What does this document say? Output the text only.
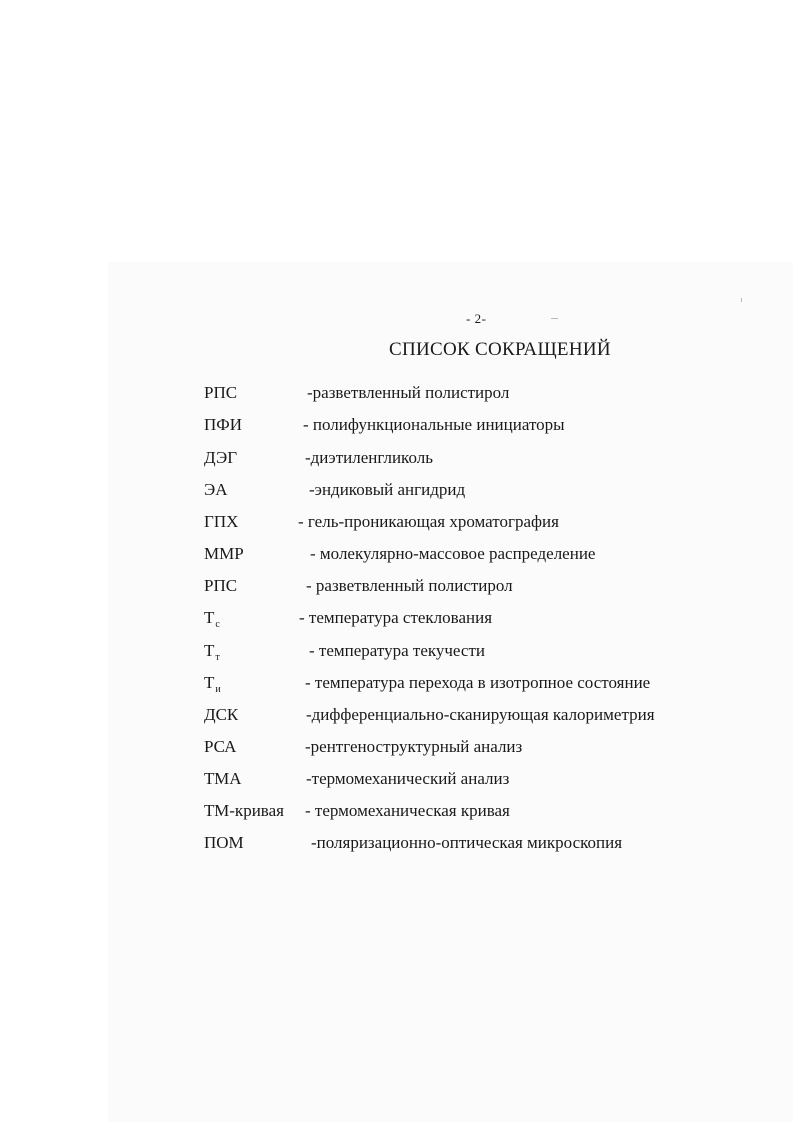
- 2-
СПИСОК СОКРАЩЕНИЙ
РПС	-разветвленный полистирол
ПФИ	- полифункциональные инициаторы
ДЭГ	-диэтиленгликоль
ЭА	-эндиковый ангидрид
ГПХ	- гель-проникающая хроматография
ММР	- молекулярно-массовое распределение
РПС	- разветвленный полистирол
$Т_с$	- температура стеклования
$Т_т$	- температура текучести
$Т_и$	- температура перехода в изотропное состояние
ДСК	-дифференциально-сканирующая калориметрия
РСА	-рентгеноструктурный анализ
ТМА	-термомеханический анализ
ТМ-кривая - термомеханическая кривая
ПОМ	-поляризационно-оптическая микроскопия
